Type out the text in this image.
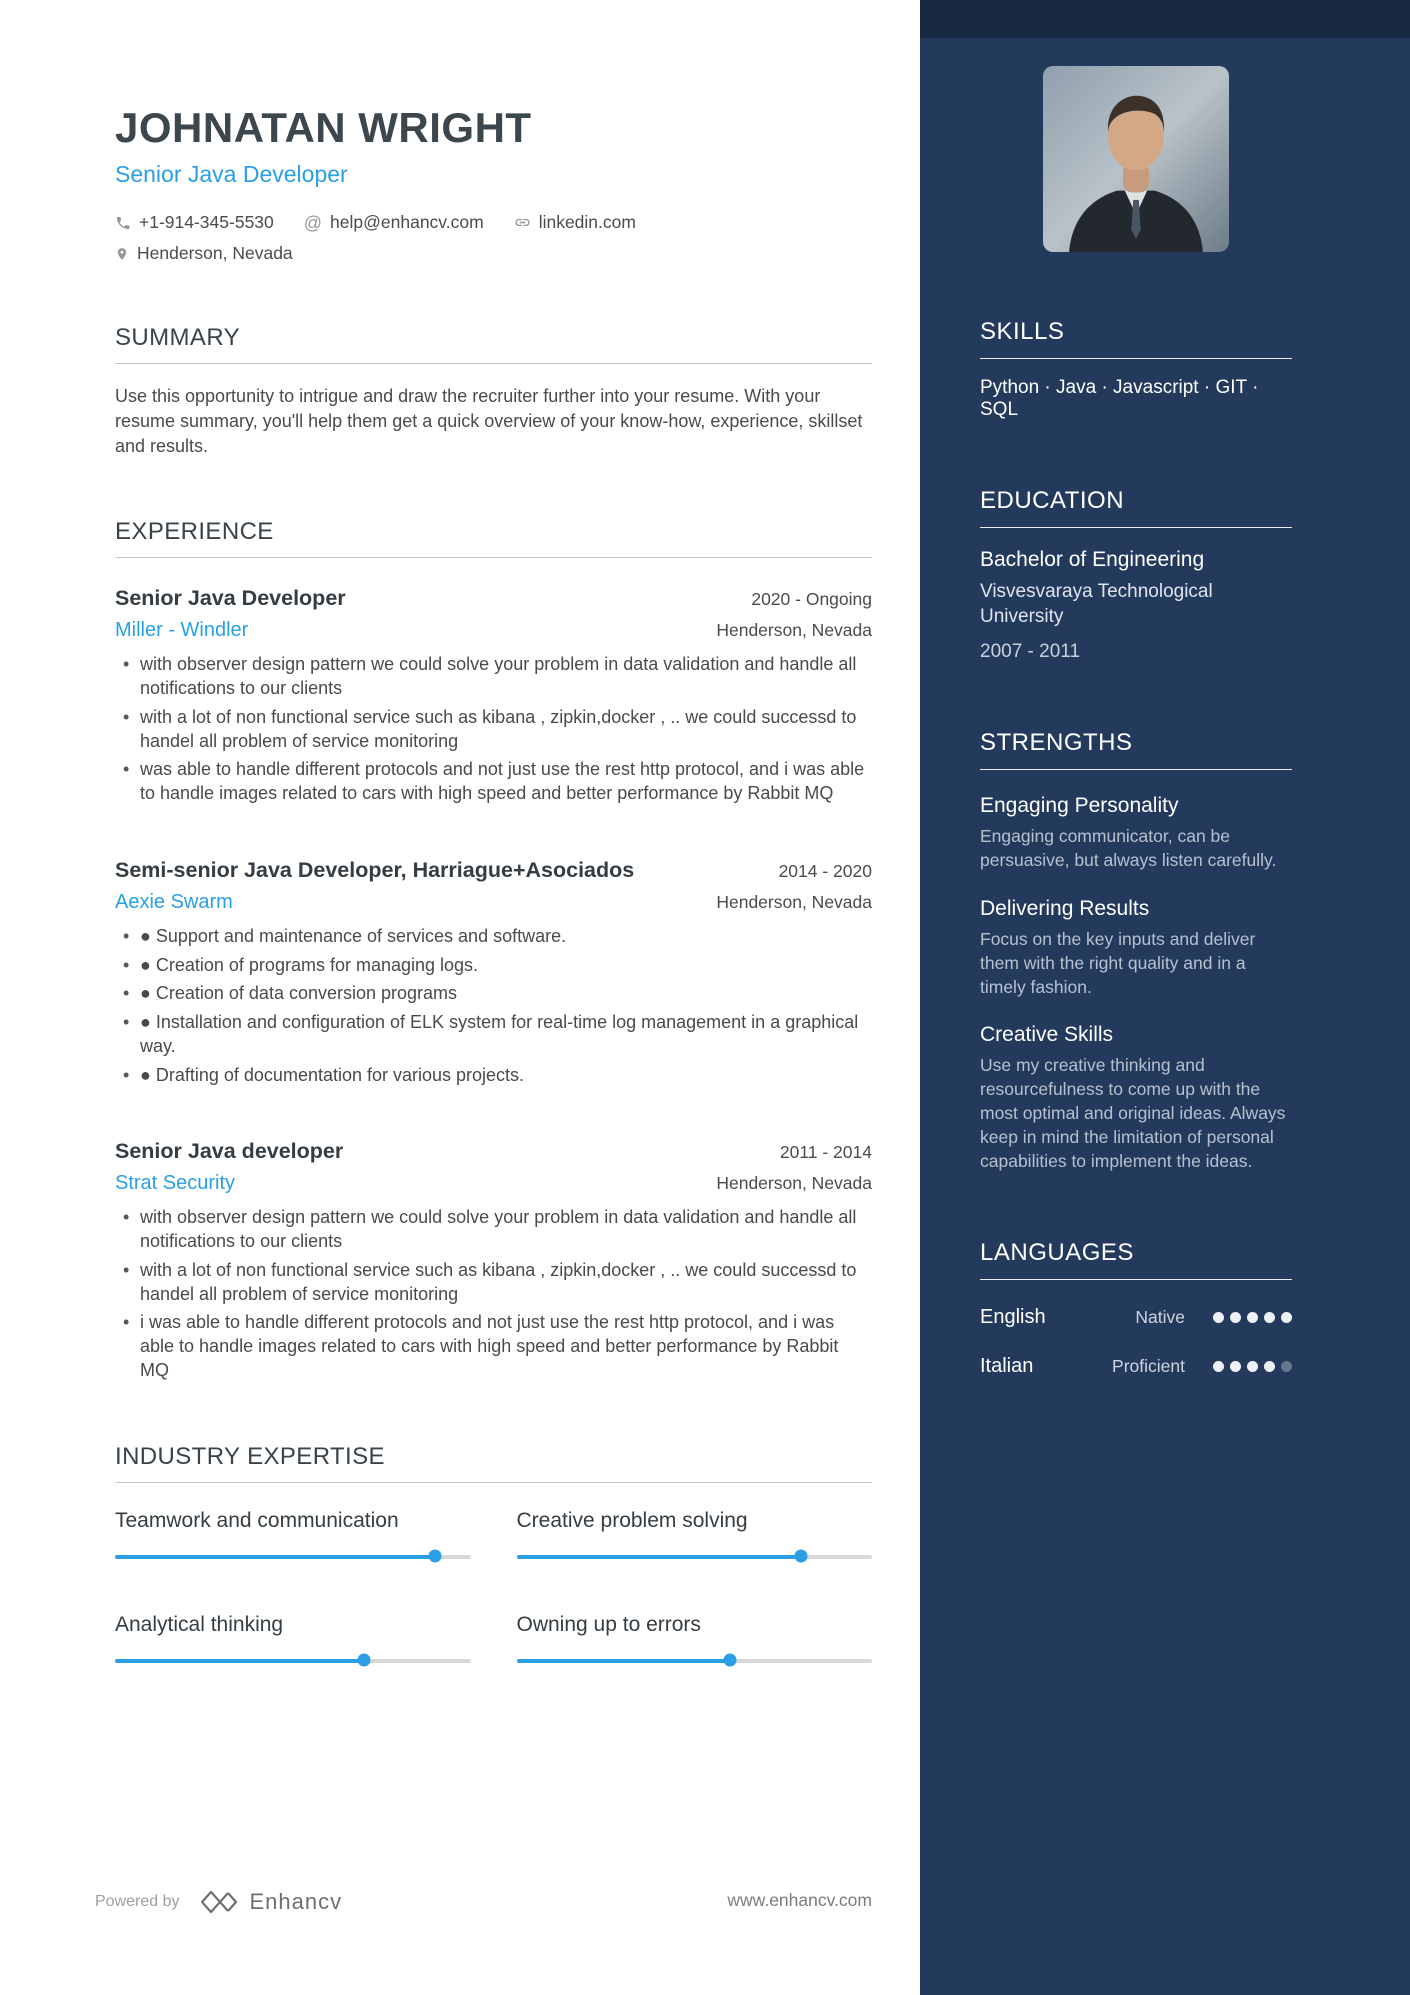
JOHNATAN WRIGHT
Senior Java Developer
+1-914-345-5530 @ help@enhancv.com	linkedin.com
Henderson, Nevada
SUMMARY

Use this opportunity to intrigue and draw the recruiter further into your resume. With your resume summary, you'll help them get a quick overview of your know-how, experience, skillset and results.

EXPERIENCE
Senior Java Developer	2020 - Ongoing
Miller - Windler	Henderson, Nevada
• with observer design pattern we could solve your problem in data validation and handle all notifications to our clients
• with a lot of non functional service such as kibana , zipkin,docker , .. we could successd to handel all problem of service monitoring
• was able to handle different protocols and not just use the rest http protocol, and i was able to handle images related to cars with high speed and better performance by Rabbit MQ
Semi-senior Java Developer, Harriague+Asociados	2014 - 2020
Aexie Swarm	Henderson, Nevada
• ● Support and maintenance of services and software.
• ● Creation of programs for managing logs.
• ● Creation of data conversion programs
• ● Installation and configuration of ELK system for real-time log management in a graphical way.
• ● Drafting of documentation for various projects.
Senior Java developer	2011 - 2014
Strat Security	Henderson, Nevada
• with observer design pattern we could solve your problem in data validation and handle all notifications to our clients
• with a lot of non functional service such as kibana , zipkin,docker , .. we could successd to handel all problem of service monitoring
• i was able to handle different protocols and not just use the rest http protocol, and i was able to handle images related to cars with high speed and better performance by Rabbit MQ
INDUSTRY EXPERTISE
Teamwork and communication	Creative problem solving
Analytical thinking	Owning up to errors
SKILLS
Python · Java · Javascript · GIT · SQL
EDUCATION
Bachelor of Engineering
Visvesvaraya Technological University
2007 - 2011
STRENGTHS
Engaging Personality
Engaging communicator, can be persuasive, but always listen carefully.
Delivering Results
Focus on the key inputs and deliver them with the right quality and in a timely fashion.
Creative Skills
Use my creative thinking and resourcefulness to come up with the most optimal and original ideas. Always keep in mind the limitation of personal capabilities to implement the ideas.
LANGUAGES
English	Native
Italian	Proficient
Powered by	Enhancv	www.enhancv.com
